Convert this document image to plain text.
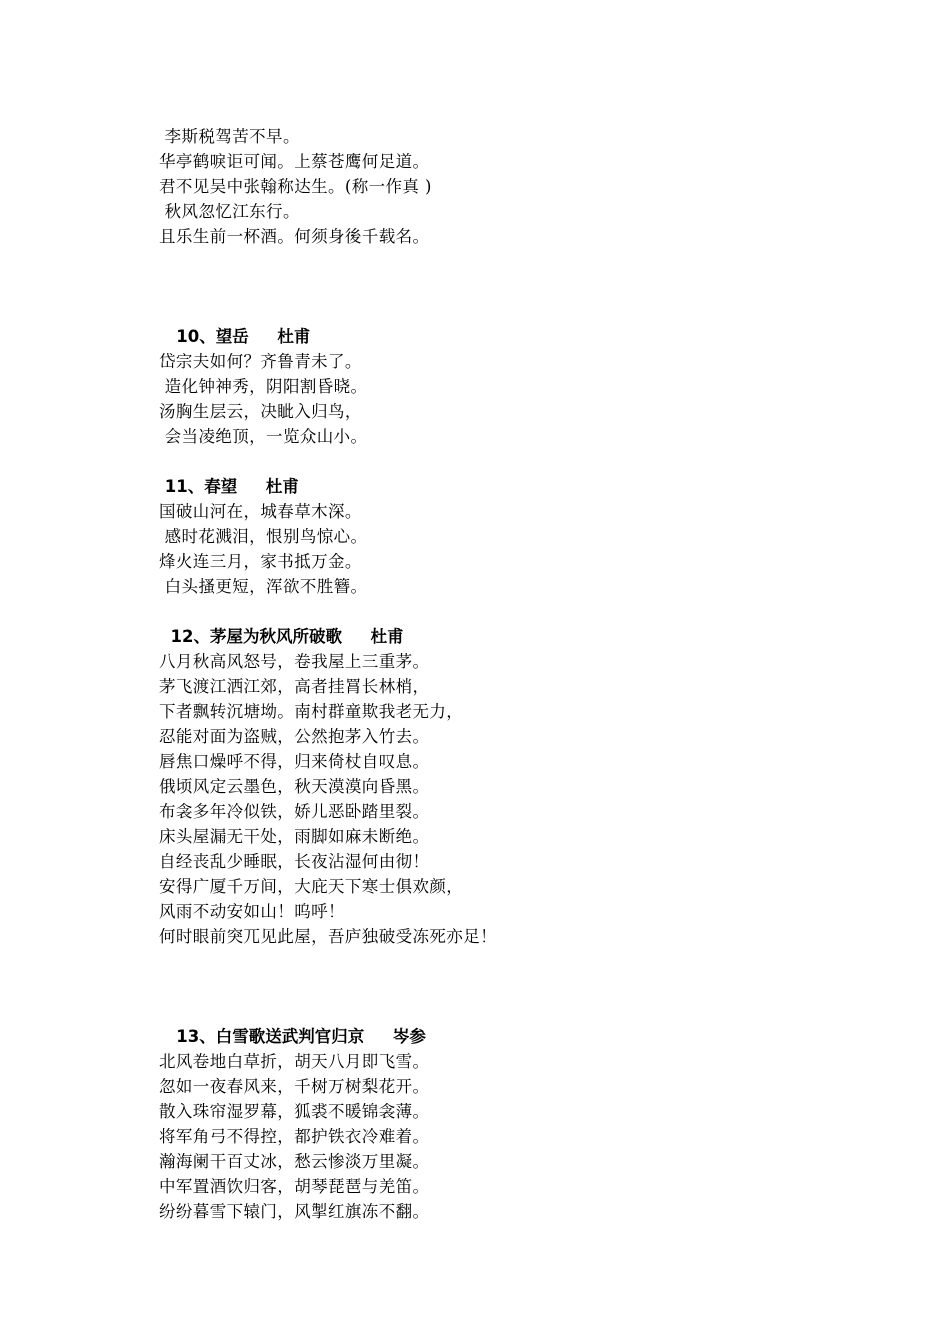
李斯税驾苦不早。
华亭鹤唳讵可闻。上蔡苍鹰何足道。
君不见吴中张翰称达生。(称一作真 )
秋风忽忆江东行。
且乐生前一杯酒。何须身後千载名。
10、望岳     杜甫
岱宗夫如何？齐鲁青未了。
造化钟神秀，阴阳割昏晓。
汤胸生层云，决眦入归鸟，
会当凌绝顶，一览众山小。
11、春望     杜甫
国破山河在，城春草木深。
感时花溅泪，恨别鸟惊心。
烽火连三月，家书抵万金。
白头搔更短，浑欲不胜簪。
12、茅屋为秋风所破歌     杜甫
八月秋高风怒号，卷我屋上三重茅。
茅飞渡江洒江郊，高者挂罥长林梢，
下者飘转沉塘坳。南村群童欺我老无力，
忍能对面为盗贼，公然抱茅入竹去。
唇焦口燥呼不得，归来倚杖自叹息。
俄顷风定云墨色，秋天漠漠向昏黑。
布衾多年冷似铁，娇儿恶卧踏里裂。
床头屋漏无干处，雨脚如麻未断绝。
自经丧乱少睡眠，长夜沾湿何由彻！
安得广厦千万间，大庇天下寒士俱欢颜，
风雨不动安如山！呜呼！
何时眼前突兀见此屋，吾庐独破受冻死亦足！
13、白雪歌送武判官归京     岑参
北风卷地白草折，胡天八月即飞雪。
忽如一夜春风来，千树万树梨花开。
散入珠帘湿罗幕，狐裘不暖锦衾薄。
将军角弓不得控，都护铁衣冷难着。
瀚海阑干百丈冰，愁云惨淡万里凝。
中军置酒饮归客，胡琴琵琶与羌笛。
纷纷暮雪下辕门，风掣红旗冻不翻。
